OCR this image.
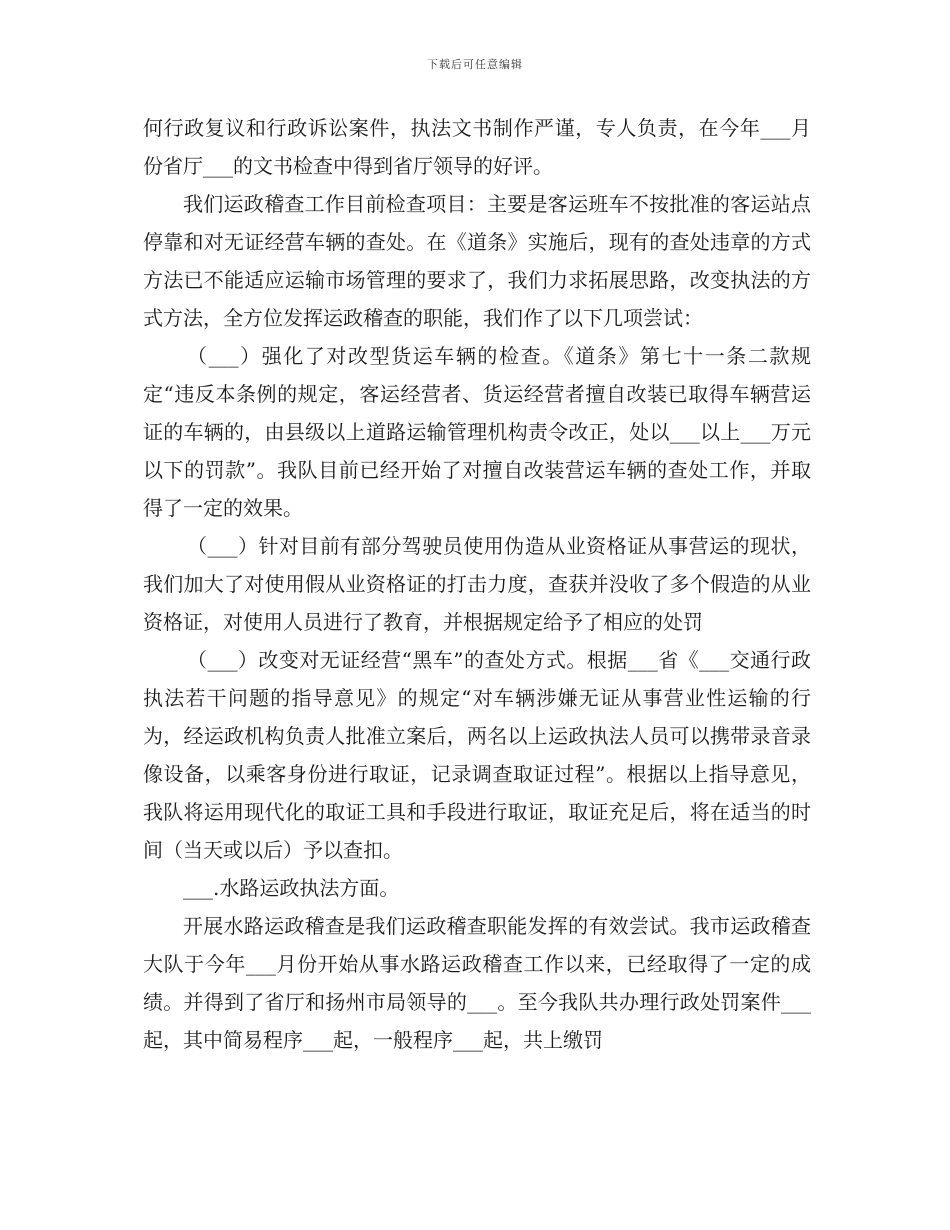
下载后可任意编辑

何行政复议和行政诉讼案件，执法文书制作严谨，专人负责，在今年___月份省厅___的文书检查中得到省厅领导的好评。

我们运政稽查工作目前检查项目：主要是客运班车不按批准的客运站点停靠和对无证经营车辆的查处。在《道条》实施后，现有的查处违章的方式方法已不能适应运输市场管理的要求了，我们力求拓展思路，改变执法的方式方法，全方位发挥运政稽查的职能，我们作了以下几项尝试：

（___）强化了对改型货运车辆的检查。《道条》第七十一条二款规定“违反本条例的规定，客运经营者、货运经营者擅自改装已取得车辆营运证的车辆的，由县级以上道路运输管理机构责令改正，处以___以上___万元以下的罚款”。我队目前已经开始了对擅自改装营运车辆的查处工作，并取得了一定的效果。

（___）针对目前有部分驾驶员使用伪造从业资格证从事营运的现状，我们加大了对使用假从业资格证的打击力度，查获并没收了多个假造的从业资格证，对使用人员进行了教育，并根据规定给予了相应的处罚

（___）改变对无证经营“黑车”的查处方式。根据___省《___交通行政执法若干问题的指导意见》的规定“对车辆涉嫌无证从事营业性运输的行为，经运政机构负责人批准立案后，两名以上运政执法人员可以携带录音录像设备，以乘客身份进行取证，记录调查取证过程”。根据以上指导意见，我队将运用现代化的取证工具和手段进行取证，取证充足后，将在适当的时间（当天或以后）予以查扣。

___.水路运政执法方面。

开展水路运政稽查是我们运政稽查职能发挥的有效尝试。我市运政稽查大队于今年___月份开始从事水路运政稽查工作以来，已经取得了一定的成绩。并得到了省厅和扬州市局领导的___。至今我队共办理行政处罚案件___起，其中简易程序___起，一般程序___起，共上缴罚
